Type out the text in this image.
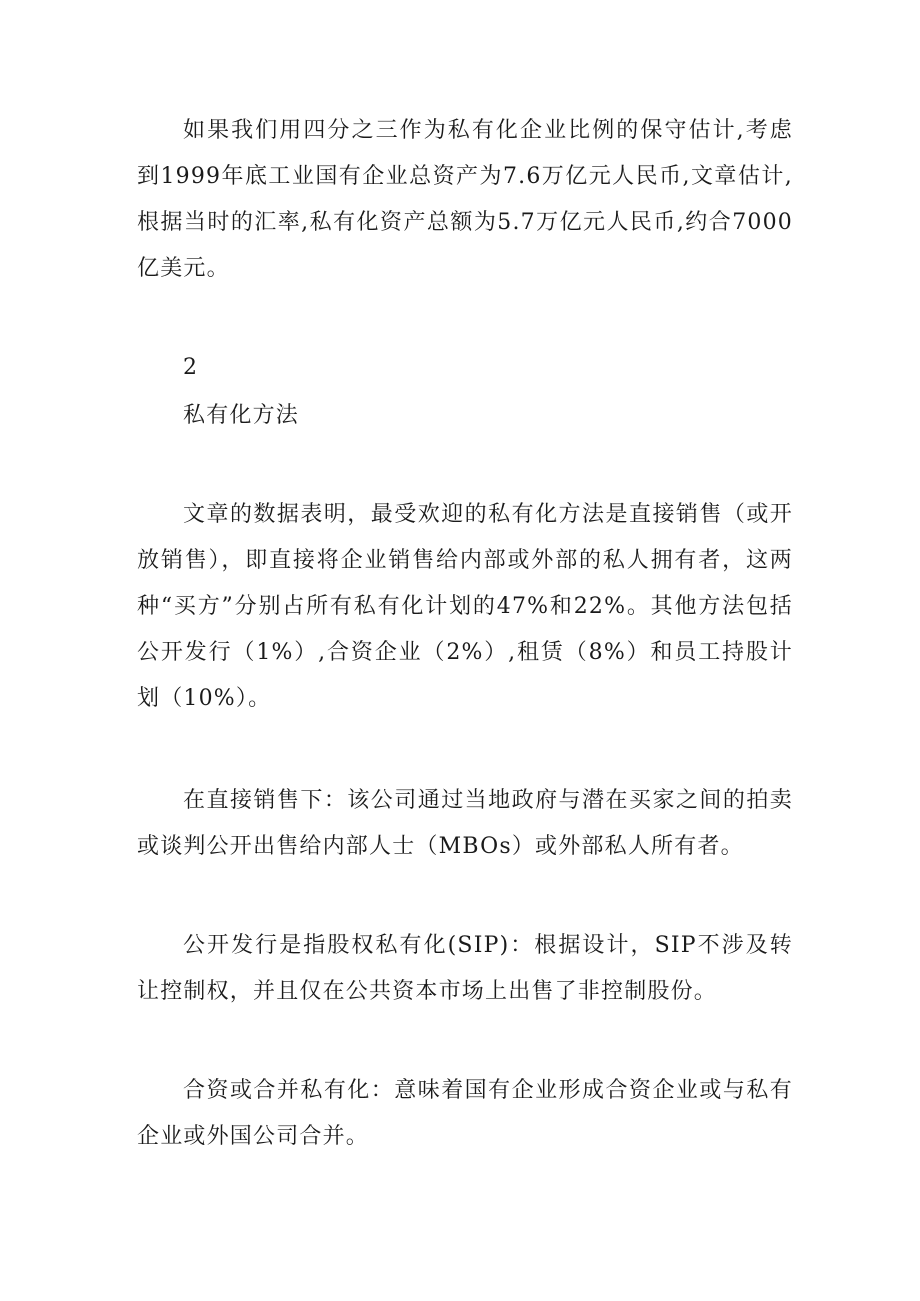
如果我们用四分之三作为私有化企业比例的保守估计,考虑到1999年底工业国有企业总资产为7.6万亿元人民币,文章估计,根据当时的汇率,私有化资产总额为5.7万亿元人民币,约合7000亿美元。

2
私有化方法

文章的数据表明，最受欢迎的私有化方法是直接销售（或开放销售），即直接将企业销售给内部或外部的私人拥有者，这两种“买方”分别占所有私有化计划的47%和22%。其他方法包括公开发行（1%）,合资企业（2%）,租赁（8%）和员工持股计划（10%）。

在直接销售下：该公司通过当地政府与潜在买家之间的拍卖或谈判公开出售给内部人士（MBOs）或外部私人所有者。

公开发行是指股权私有化(SIP)：根据设计，SIP不涉及转让控制权，并且仅在公共资本市场上出售了非控制股份。

合资或合并私有化：意味着国有企业形成合资企业或与私有企业或外国公司合并。
